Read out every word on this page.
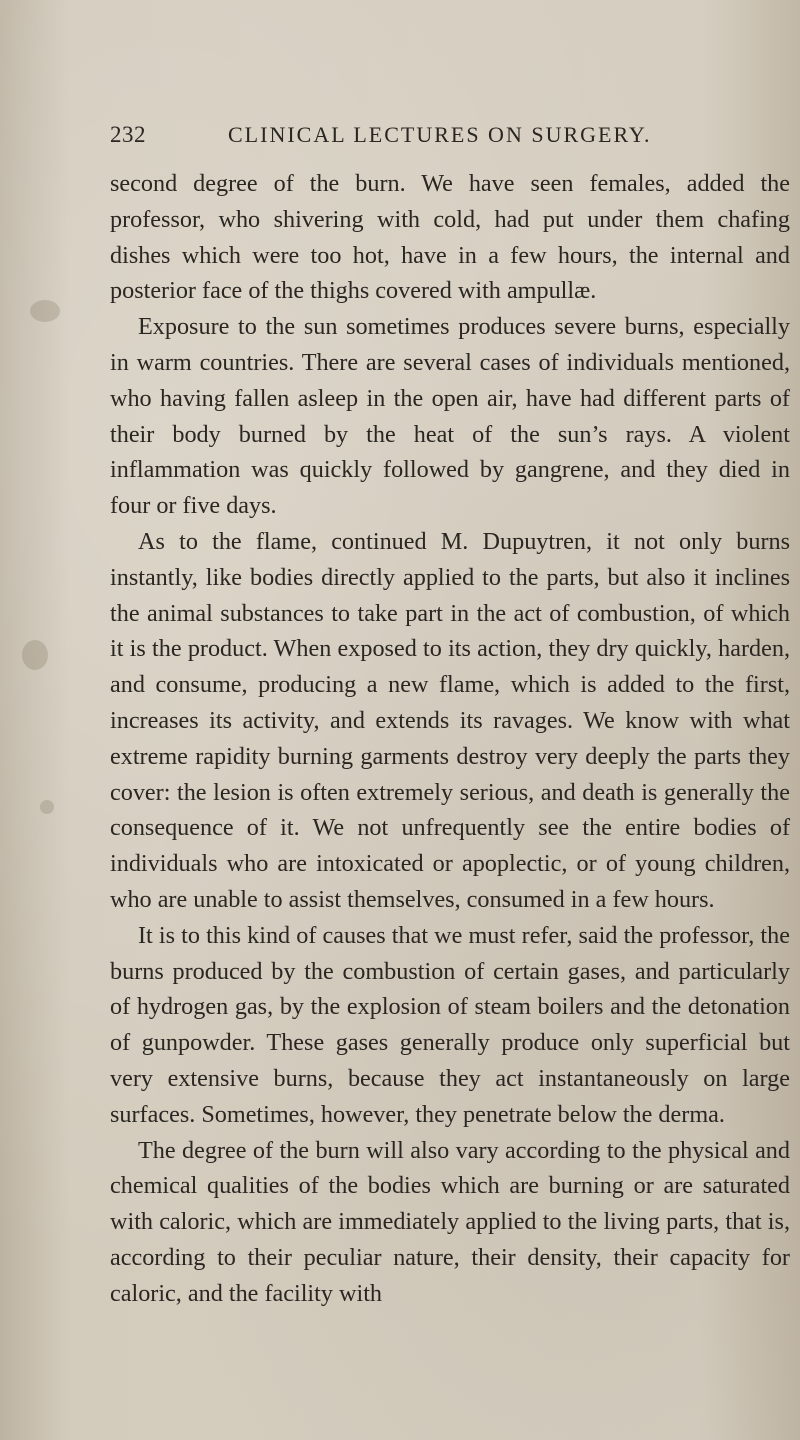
232	CLINICAL LECTURES ON SURGERY.

second degree of the burn. We have seen females, added the professor, who shivering with cold, had put under them chafing dishes which were too hot, have in a few hours, the internal and posterior face of the thighs covered with ampullæ.

Exposure to the sun sometimes produces severe burns, especially in warm countries. There are several cases of individuals mentioned, who having fallen asleep in the open air, have had different parts of their body burned by the heat of the sun’s rays. A violent inflammation was quickly followed by gangrene, and they died in four or five days.

As to the flame, continued M. Dupuytren, it not only burns instantly, like bodies directly applied to the parts, but also it inclines the animal substances to take part in the act of combustion, of which it is the product. When exposed to its action, they dry quickly, harden, and consume, producing a new flame, which is added to the first, increases its activity, and extends its ravages. We know with what extreme rapidity burning garments destroy very deeply the parts they cover: the lesion is often extremely serious, and death is generally the consequence of it. We not unfrequently see the entire bodies of individuals who are intoxicated or apoplectic, or of young children, who are unable to assist themselves, consumed in a few hours.

It is to this kind of causes that we must refer, said the professor, the burns produced by the combustion of certain gases, and particularly of hydrogen gas, by the explosion of steam boilers and the detonation of gunpowder. These gases generally produce only superficial but very extensive burns, because they act instantaneously on large surfaces. Sometimes, however, they penetrate below the derma.

The degree of the burn will also vary according to the physical and chemical qualities of the bodies which are burning or are saturated with caloric, which are immediately applied to the living parts, that is, according to their peculiar nature, their density, their capacity for caloric, and the facility with
